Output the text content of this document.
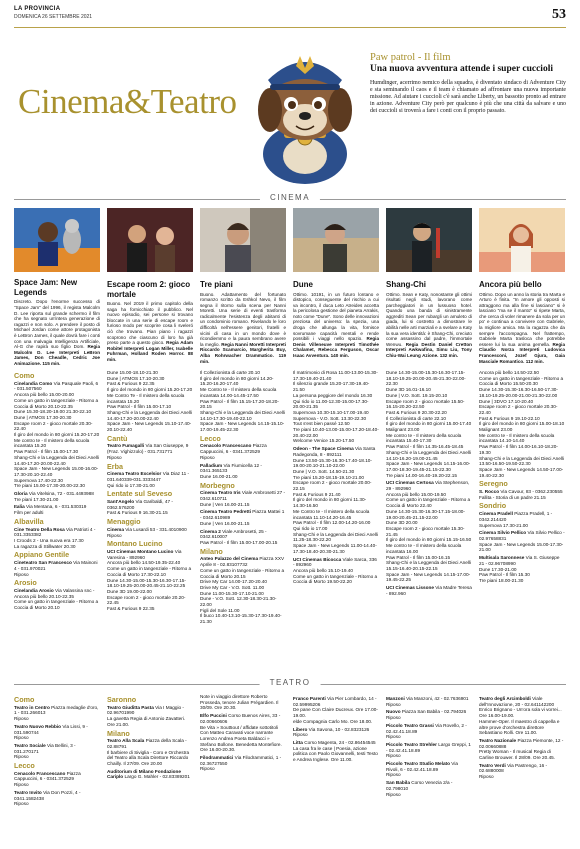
LA PROVINCIA
DOMENICA 26 SETTEMBRE 2021	53
Cinema&Teatro
Paw patrol - Il film
Una nuova avventura attende i super cuccioli
Humdinger, acerrimo nemico della squadra, è diventato sindaco di Adventure City e sta seminando il caos e il team è chiamato ad affrontare una nuova importante missione. Ad aiutare i cuccioli c'è sarà anche Liberty, un bassotto pronto ad entrare in azione. Adventure City però per qualcuno è più che una città da salvare e uno dei cuccioli si troverà a fare i conti con il proprio passato.
CINEMA
Space Jam: New Legends
Discreto. Dopo l'enorme successo di "Space Jam" del 1996, il regista Malcolm D. Lee riporta sul grande schermo il film che ha segnato un'intera generazione di ragazzi e non solo. A prendere il posto di Michael Jordan come attore protagonista è LeBron James, il quale dovrà fare i conti con una malvagia Intelligenza Artificiale, Al-G che rapirà suo figlio Dom. Regia Malcolm D. Lee Interpreti LeBron James, Don Cheadle, Cedric Joe Animazione. 115 min.
Escape room 2: gioco mortale
Buono. Nel 2019 il primo capitolo della saga ha fornicchiato il pubblico. Nel nuovo episodio, sei persone si trovano bloccate in una serie di escape room e furioso modo per scoprire cosa li sveleró ciò che trovano. Pian piano i ragazzi scoprono che ciascuno di loro ha già preso parte a questo gioco. Regia Adam Robitel Interpreti Logan Miller, Isabelle Fuhrman, Holland Roden Horror. 88 min.
Tre piani
Buono. Adattamento del fortunato romanzo scritto da Eshkol Nevo, il film segna il ritorno sulla scena per Nanni Moretti. Una serie di eventi trasforma radicalmente l'esistenza degli abitanti di un condominio romano. Rivelando le loro difficoltà nell'essere genitori, fratelli e vicini di casa in un mondo dove è ricondiemmo e la paura sembrano avere la meglio. Regia Nanni Moretti Interpreti Riccardo Scamarcio, Margherita Buy, Alba Rohrwacher Drammatico. 119 min.
Dune
Ottimo. 10191, in un futuro lontano e distopico, conseguente del rischio a cui va incontro, il duca Leto Atreides accetta la pericolosa gestione del pianeta Arrakis, noto come "Dune". Sono delle innovazioni preziosa del universo: la spezia, una droga che allunga la vita, fornisce sovrumane capacità mentali e rende possibili i viaggi nello spazio. Regia Denis Villeneuve Interpreti Timothée Chalamet, Rebecca Ferguson, Oscar Isaac Avventura. 140 min.
Shang-Chi
Ottimo. Sean e Katy, nonostante gli ottimi risultati negli studi, lavorano come parcheggiatori in un lussuoso hotel. Quando una banda di sinistramente aggrediti Sean per rubargli un amuleto di giada, lui si costretto a dimostrare le abilità nelle arti marziali e a svelare a Katy la sua vera identità: è Shang-Chi, creciuto come assassino dal padre, l'immortale Wenwu. Regia Destin Daniel Cretton Interpreti Awkwafina, Simu Liu, Tony Chiu-Wai Leung Azione. 132 min.
Ancora più bello
Ottimo. Dopo un anno la storia tra Marta e Arturo è finita. "In amore gli opposti si attraggono ma alla fine si lasciano" si è lasciano "ma se il manto" si ripete Marta, che cerca di voler rimanere da sola per un po' e continua a convivere con Gabriele, la migliore amica. Ma la ragazza che da sempre l'accompagna. Nel frattempo, Gabriele Marta trasloca che potrebbe essere lui la sua anima gemella. Regia Claudio Norza Interpreti Ludovica Francesconi, Jozef Gjura, Gaia Masciale Romantico. 112 min.
Como
Cinelandia Como Via Pasquale Paoli, 6 - 031.507560
Ancora più bello 15.00-20.00
Come un gatto in tangenziale - Ritorno a Coccia di Morto 20.10-22.35
Dune 15.30-18.20-19.00 21.30-22.10
Dune | ATMOS 17.30-20.30
Escape room 2 - gioco mortale 20.30-22.40
Il giro del mondo in 80 giorni 15.20-17.20
Me contro te - Il mistero della scuola incantata 15.20
Paw Patrol - Il film 15.00-17.30
Shang-Chi e la Leggenda dei Dieci Anelli 14.40-17.20-20.00-22.40
Space Jam - New Legends 15.00-16.00-17.30-20.10-22.40
Supernova 17.40-22.30
Tre piani 15.00-17.30-20.00-22.30
Gloria Via Vitelsina, 72 - 031.4493988
Tre piani 17.30-21.00
Italia Via Mentana, 6 - 031.530319
Film per adulti
Albavilla
Cine Teatro Della Rosa Via Patrioti 4 - 031.3353382
I Croods 2 - Una nuova era 17.30
La ragazza di Stillwater 20.30
Appiano Gentile
Cineteatro San Francesco Via Mainoni 4 - 031.970021
Riposo
Arosio
Cinelandia Arosio Via Valassina snc -
Ancora più bello 20.10-22.35
Come un gatto in tangenziale - Ritorno a Coccia di Morto 20.10
Dune 15.00-18.10-21.30
Dune | ATMOS 17.10-20.30
Fast & Furious 9 22.35
Il giro del mondo in 80 giorni 15.20-17.20
Me Contro Te - Il mistero della scuola incantata 15.20
Paw Patrol - Il film 15.00-17.10
Shang-Chi e la Leggenda dei Dieci Anelli 14.40-17.20-20.00-22.40
Space Jam - New Legends 15.10-17.40-20.10-22.40
Cantù
Teatro Fumagalli Via San Giuseppe, 9 (Fraz. Vighizzolo) - 031.731771
Riposo
Erba
Cinema Teatro Excelsior Via Diaz 11 - 031.640339-031.3333447
Qui rido io 17.30-21.00
Lentate sul Seveso
Sant'Angelo Via Garibaldi, 47 - 0362.576200
Fast & Furious 9 16.30-21.15
Menaggio
Cinema Via Lusardi 53 - 331.4010900
Riposo
Montano Lucino
UCI Cinemas Montano Lucino Via Varesina - 892960
Ancora più bello 14.50-19.35-22.40
Come un gatto in tangenziale - Ritorno a Coccia di Morto 17.30-22.10
Dune 14.30-15.00-15.30-16.30-17.15-18.10-19.25-20.00-20.45-21.10-22.25
Dune 3D 19.00-22.00
Escape room 2 - gioco mortale 20.20-22.45
Fast & Furious 9 22.35
Il Collezionista di carte 20.10
Il giro del mondo in 80 giorni 14.20-15.20-16.20-17.40
Me Contro te - Il mistero della scuola incantata 14.00-14.45-17.50
Paw Patrol - Il film 15.15-17.20-18.20-20.15
Shang-Chi e la Leggenda dei Dieci Anelli 14.10-17.30-19.40-22.10
Space Jam - New Legends 14.15-15.10-17.00-19.45-22.30
Lecco
Cenacolo Francescano Piazza Cappuccini, 6 - 0341.372529
Riposo
Palladium Via Fiumicella 12 - 0341.365133
Dune 16.00-21.00
Morbegno
Cinema Teatro Iris Viale Ambrosetti 27 - 0342.610711
Dune | Ven 16.00-21.15
Cinema Teatro Pedretti Piazza Mattei 1 - 0342.610989
Dune | Ven 16.00-21.15
Cinema 2 Viale Ambrosetti, 25 - 0342.610007
Paw Patrol - Il film 15.00-17.00-20.15
Milano
Anteo Palazzo del Cinema Piazza XXV Aprile 8 - 02.83107732
Come un gatto in tangenziale - Ritorno a Coccia di Morto 20.15
Drive My Car 14.00-17.20-20.40
Drive My Car - V.O. Sott. 11.00
Dune 11.00-15.30-17.10-21.00
Dune - V.O. Sott. 12.30-18.30-21.30-22.00
Figli del Sole 11.00
Il buco 10.40-13.10-15.30-17.30-19.40-21.30
Il matrimonio di Rosa 11.00-13.00-15.30-17.30-19.40-21.40
Il silenzio grande 15.20-17.30-19.40-21.50
La persona peggiore del mondo 16.30
Qui rido io 11.00-12.30-15.00-17.30-20.00-21.35
Supernova 10.30-15.10-17.00-19.40
Supernova - V.O. Sott. 13.30-22.30
Tout s'est bien passé 12.50
Tre piani 10.40-13.00-15.00-17.20-18.40-20.40-22.00
Welcome Venice 15.20-17.50
Odeon - The Space Cinema Via Santa Radegonda, 8 - 892111
Dune 13.50-15.30-16.30-17.40-18.10-19.00-20.10-21.10-22.00
Dune | V.O. Sott. 14.50-21.30
Tre piani 15.20-18.15-19.10-21.00
Escape room 2 - gioco mortale 20.00-22.15
Fast & Furious 9 21.40
Il giro del mondo in 80 giorni 11.30-14.30-16.50
Me Contro te - Il mistero della scuola incantata 11.10-14.20-16.45
Paw Patrol - Il film 12.00-14.20-16.00
Qui rido io 17.00
Shang-Chi e la Leggenda dei Dieci Anelli 11.25-18.30-22.20
Space Jam - New Legends 11.00-14.40-17.30-18.40-20.30-21.30
UCI Cinemas Bicocca Viale Sarca, 336 - 892960
Ancora più bello 15.10-19.40
Come un gatto in tangenziale - Ritorno a Coccia di Morto 19.50-22.20
Dune 14.30-15.00-15.30-16.30-17.15-18.10-19.25-20.00-20.45-21.30-22.00-22.30
Dune 3D 16.01-16.10
Dune | V.O. Sott. 19.15-20.10
Escape room 2 - gioco mortale 15.50-16.15-20.20-22.50
Fast & Furious 9 20.30-22.20
Il Collezionista di carte 22.10
Il giro del mondo in 80 giorni 15.00-17.40
Malignant 23.00
Me contro te - Il mistero della scuola incantata 15.40-17.30
Paw Patrol - Il film 14.35-16.45-18.45
Shang-Chi e la Leggenda dei Dieci Anelli 14.10-16.20-19.00-21.45
Space Jam - New Legends 14.15-16.00-17.00-18.30-19.45-21.15-22.30
Tre piani 14.00-16.40-19.20-22.15
UCI Cinemas Certosa Via Stephenson, 29 - 892960
Ancora più bello 15.00-19.50
Come un gatto in tangenziale - Ritorno a Coccia di Morto 22.40
Dune 14.30-15.30-16.30-17.15-18.00-19.00-20.45-21.15-22.00
Dune 3D 20.00
Escape room 2 - gioco mortale 15.30-21.45
Il giro del mondo in 80 giorni 15.15-16.50
Me contro te - Il mistero della scuola incantata 16.00
Paw Patrol - Il film 15.00-16.15
Shang-Chi e la Leggenda dei Dieci Anelli 15.15-16.40-20.15-22.15
Space Jam - New Legends 14.15-17.00-19.45-22.25
UCI Cinemas Lissone Via Madre Teresa - 892.960
Ancora più bello 14.50-22.50
Come un gatto in tangenziale - Ritorno a Coccia di Morto 15.50-20.30
Dune 14.30-15.30-16.30-16.50-17.30-18.10-19.25-20.00-21.00-21.30-22.00
Dune | 3DVO 17.10-20.40
Escape room 2 - gioco mortale 20.30-22.40
Fast & Furious 9 19.10-22.10
Il giro del mondo in 80 giorni 15.00-18.10
Malignant 23.00
Me contro te - Il mistero della scuola incantata 14.10-14.40
Paw Patrol - Il film 14.00-16.10-18.20-19.30
Shang-Chi e la Leggenda dei Dieci Anelli 13.50-16.50-19.50-22.30
Space Jam - New Legends 14.50-17.00-19.40-22.30
Seregno
S. Rocco Via Cavour, 83 - 0362.230555
Fallita - Storia di un padre 21.15
Sondrio
Cinema Pradell Piazza Pradell, 1 - 0342.214420
Supernova 17.30-21.00
Cinema Silvio Pellico Via Silvio Pellico - 02.97658831
Space Jam - New Legends 15.00-17.30-21.00
Multisala Saronnese Via S. Giuseppe 21 - 02.96708990
Dune 17.30-21.00
Paw Patrol - Il film 15.30
Tre piani 18.00-21.30
TEATRO
Como
Teatro in Centro Piazza medaglie d'oro, 1 - 031.266013
Riposo
Teatro Nuovo Rebbio Via Lissi, 9 - 031.590744
Riposo
Teatro Sociale Via Bellini, 3 - 031.270171
Riposo
Lecco
Cenacolo Francescano Piazza Cappuccini, 6 - 0341.372529
Riposo
Teatro Invito Via Don Pozzi, 4 - 0341.1582438
Riposo
Saronno
Teatro Giuditta Pasta Via I Maggio - 02.96701990
La gavetta Regia di Antonio Zavatteri. Ore 21.00.
Milano
Teatro Alla Scala Piazza della Scala - 02.88791
Il barbiere di Siviglia - Coro e Orchestra del Teatro alla Scala Direttore Riccardo Chailly. Il 27/09. Ore 20.00
Auditorium di Milano Fondazione Cariplo Largo G. Mahler - 02.83389201
Note in viaggio direttore Roberto Prosseda, tenore Julian Prégardien. Il 30/09. Ore 20.30.
Elfo Puccini Corso Buenos Aires, 33 - 02.00660606
Be Vita » Sout5out / affidate sottotitoli Con Matteo Caravati voce narrante Lorenzo Andrea Poeta Baldacci » Stefano Bollone. Benedetta Montefiore. Ore 16.00-20.30.
Filodrammatici Via Filodrammatici, 1 - 02.36727550
Riposo
Franco Parenti Via Pier Lombardo, 14 - 02.59995206
De pane Con Claire Ducreux. Ore 17.00-19.00.
elde Compagnia Carlo Mo. Ore 18.00.
Libero Via Savona, 10 - 02.8323126
Riposo
Litta Corso Magenta, 24 - 02.86454545
La casa fra le case | Poesia, azione politica con Paolo Giovannelli, testi Testo e Andrea Inglese. Ore 11.00.
Manzoni Via Manzoni, 42 - 02.7636901
Riposo
Nuovo Piazza San Babila - 02.794026
Riposo
Piccolo Teatro Grassi Via Rovello, 2 - 02.42.41.18.89
Riposo
Piccolo Teatro Strehler Largo Greppi, 1 - 02.42.41.18.89
Riposo
Piccolo Teatro Studio Melato Via Rivoli, 6 - 02.42.41.18.89
Riposo
San Babila Corso Venezia 2/a - 02.798010
Riposo
Teatro degli Arcimboldi Viale dell'Innovazione, 20 - 02.641142200
Enrico Brignano - Un'ora sola vi vorrei... Ore 16.00-19.00.
Hammer-Oper. Il maestro di cappella e altre prove d'orchestra direttore Sebastiano Rolli. Ore 11.00.
Teatro Nazionale Piazza Piemonte, 12 - 02.00660888
Pretty Woman - Il musical Regia di Carline Brouwer. Il 28/09. Ore 20.45.
Teatro Verdi Via Pastrengo, 16 - 02.6880008
Riposo
